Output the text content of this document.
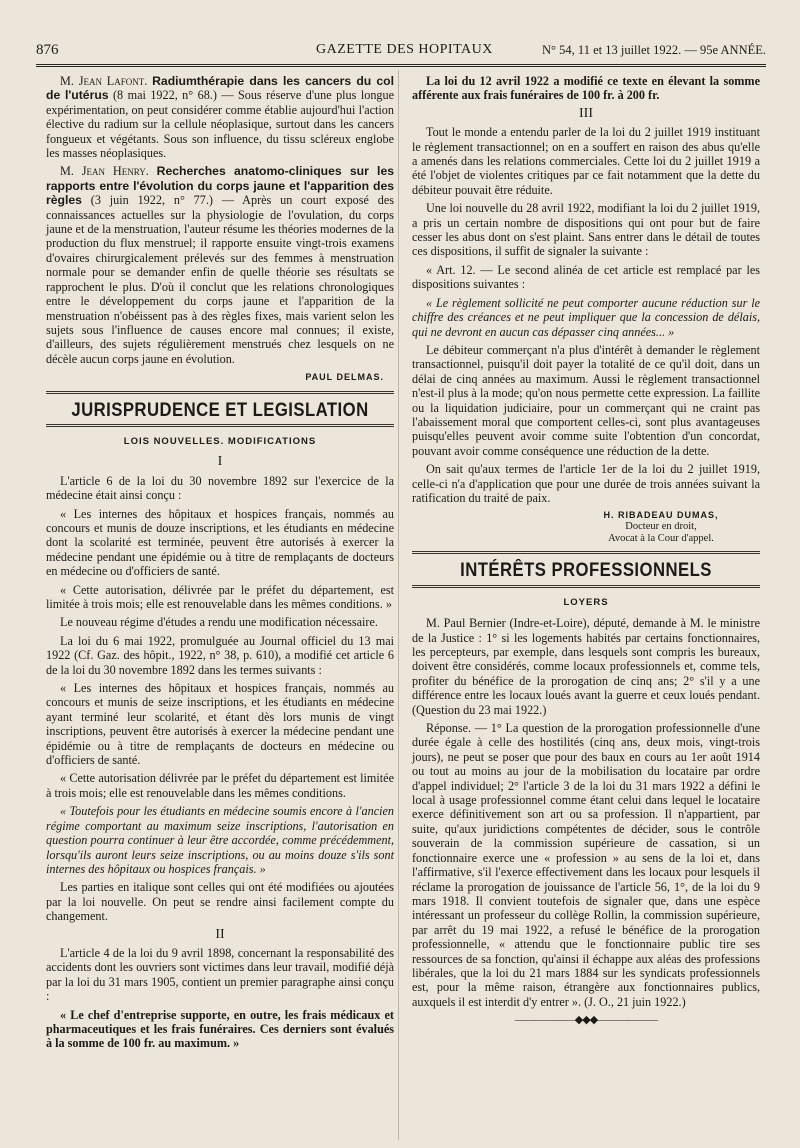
876	GAZETTE DES HOPITAUX	N° 54, 11 et 13 juillet 1922. — 95e ANNÉE.

M. Jean Lafont. Radiumthérapie dans les cancers du col de l'utérus (8 mai 1922, n° 68.) — Sous réserve d'une plus longue expérimentation, on peut considérer comme établie aujourd'hui l'action élective du radium sur la cellule néoplasique, surtout dans les cancers fongueux et végétants. Sous son influence, du tissu scléreux englobe les masses néoplasiques.

M. Jean Henry. Recherches anatomo-cliniques sur les rapports entre l'évolution du corps jaune et l'apparition des règles (3 juin 1922, n° 77.) — Après un court exposé des connaissances actuelles sur la physiologie de l'ovulation, du corps jaune et de la menstruation, l'auteur résume les théories modernes de la production du flux menstruel; il rapporte ensuite vingt-trois examens d'ovaires chirurgicalement prélevés sur des femmes à menstruation normale pour se demander enfin de quelle théorie ses résultats se rapprochent le plus. D'où il conclut que les relations chronologiques entre le développement du corps jaune et l'apparition de la menstruation n'obéissent pas à des règles fixes, mais varient selon les sujets sous l'influence de causes encore mal connues; il existe, d'ailleurs, des sujets régulièrement menstrués chez lesquels on ne décèle aucun corps jaune en évolution.

PAUL DELMAS.
JURISPRUDENCE ET LEGISLATION
LOIS NOUVELLES. MODIFICATIONS
I

L'article 6 de la loi du 30 novembre 1892 sur l'exercice de la médecine était ainsi conçu :

« Les internes des hôpitaux et hospices français, nommés au concours et munis de douze inscriptions, et les étudiants en médecine dont la scolarité est terminée, peuvent être autorisés à exercer la médecine pendant une épidémie ou à titre de remplaçants de docteurs en médecine ou d'officiers de santé.

« Cette autorisation, délivrée par le préfet du département, est limitée à trois mois; elle est renouvelable dans les mêmes conditions. »

Le nouveau régime d'études a rendu une modification nécessaire.

La loi du 6 mai 1922, promulguée au Journal officiel du 13 mai 1922 (Cf. Gaz. des hôpit., 1922, n° 38, p. 610), a modifié cet article 6 de la loi du 30 novembre 1892 dans les termes suivants :

« Les internes des hôpitaux et hospices français, nommés au concours et munis de seize inscriptions, et les étudiants en médecine ayant terminé leur scolarité, et étant dès lors munis de vingt inscriptions, peuvent être autorisés à exercer la médecine pendant une épidémie ou à titre de remplaçants de docteurs en médecine ou d'officiers de santé.

« Cette autorisation délivrée par le préfet du département est limitée à trois mois; elle est renouvelable dans les mêmes conditions.

« Toutefois pour les étudiants en médecine soumis encore à l'ancien régime comportant au maximum seize inscriptions, l'autorisation en question pourra continuer à leur être accordée, comme précédemment, lorsqu'ils auront leurs seize inscriptions, ou au moins douze s'ils sont internes des hôpitaux ou hospices français. »

Les parties en italique sont celles qui ont été modifiées ou ajoutées par la loi nouvelle. On peut se rendre ainsi facilement compte du changement.

II

L'article 4 de la loi du 9 avril 1898, concernant la responsabilité des accidents dont les ouvriers sont victimes dans leur travail, modifié déjà par la loi du 31 mars 1905, contient un premier paragraphe ainsi conçu :

« Le chef d'entreprise supporte, en outre, les frais médicaux et pharmaceutiques et les frais funéraires. Ces derniers sont évalués à la somme de 100 fr. au maximum. »

La loi du 12 avril 1922 a modifié ce texte en élevant la somme afférente aux frais funéraires de 100 fr. à 200 fr.

III

Tout le monde a entendu parler de la loi du 2 juillet 1919 instituant le règlement transactionnel; on en a souffert en raison des abus qu'elle a amenés dans les relations commerciales. Cette loi du 2 juillet 1919 a été l'objet de violentes critiques par ce fait notamment que la dette du débiteur pouvait être réduite.

Une loi nouvelle du 28 avril 1922, modifiant la loi du 2 juillet 1919, a pris un certain nombre de dispositions qui ont pour but de faire cesser les abus dont on s'est plaint. Sans entrer dans le détail de toutes ces dispositions, il suffit de signaler la suivante :

« Art. 12. — Le second alinéa de cet article est remplacé par les dispositions suivantes :

« Le règlement sollicité ne peut comporter aucune réduction sur le chiffre des créances et ne peut impliquer que la concession de délais, qui ne devront en aucun cas dépasser cinq années... »

Le débiteur commerçant n'a plus d'intérêt à demander le règlement transactionnel, puisqu'il doit payer la totalité de ce qu'il doit, dans un délai de cinq années au maximum. Aussi le règlement transactionnel n'est-il plus à la mode; qu'on nous permette cette expression. La faillite ou la liquidation judiciaire, pour un commerçant qui ne craint pas l'abaissement moral que comportent celles-ci, sont plus avantageuses puisqu'elles peuvent avoir comme suite l'obtention d'un concordat, pouvant avoir comme conséquence une réduction de la dette.

On sait qu'aux termes de l'article 1er de la loi du 2 juillet 1919, celle-ci n'a d'application que pour une durée de trois années suivant la ratification du traité de paix.

H. RIBADEAU DUMAS,
Docteur en droit,
Avocat à la Cour d'appel.
INTÉRÊTS PROFESSIONNELS
LOYERS

M. Paul Bernier (Indre-et-Loire), député, demande à M. le ministre de la Justice : 1° si les logements habités par certains fonctionnaires, les percepteurs, par exemple, dans lesquels sont compris les bureaux, doivent être considérés, comme locaux professionnels et, comme tels, profiter du bénéfice de la prorogation de cinq ans; 2° s'il y a une différence entre les locaux loués avant la guerre et ceux loués pendant. (Question du 23 mai 1922.)

Réponse. — 1° La question de la prorogation professionnelle d'une durée égale à celle des hostilités (cinq ans, deux mois, vingt-trois jours), ne peut se poser que pour des baux en cours au 1er août 1914 ou tout au moins au jour de la mobilisation du locataire par ordre d'appel individuel; 2° l'article 3 de la loi du 31 mars 1922 a défini le local à usage professionnel comme étant celui dans lequel le locataire exerce définitivement son art ou sa profession. Il n'appartient, par suite, qu'aux juridictions compétentes de décider, sous le contrôle souverain de la commission supérieure de cassation, si un fonctionnaire exerce une « profession » au sens de la loi et, dans l'affirmative, s'il l'exerce effectivement dans les locaux pour lesquels il réclame la prorogation de jouissance de l'article 56, 1°, de la loi du 9 mars 1918. Il convient toutefois de signaler que, dans une espèce intéressant un professeur du collège Rollin, la commission supérieure, par arrêt du 19 mai 1922, a refusé le bénéfice de la prorogation professionnelle, « attendu que le fonctionnaire public tire ses ressources de sa fonction, qu'ainsi il échappe aux aléas des professions libérales, que la loi du 21 mars 1884 sur les syndicats professionnels est, pour la même raison, étrangère aux fonctionnaires publics, auxquels il est interdit d'y entrer ». (J. O., 21 juin 1922.)

——————◆◆◆——————
